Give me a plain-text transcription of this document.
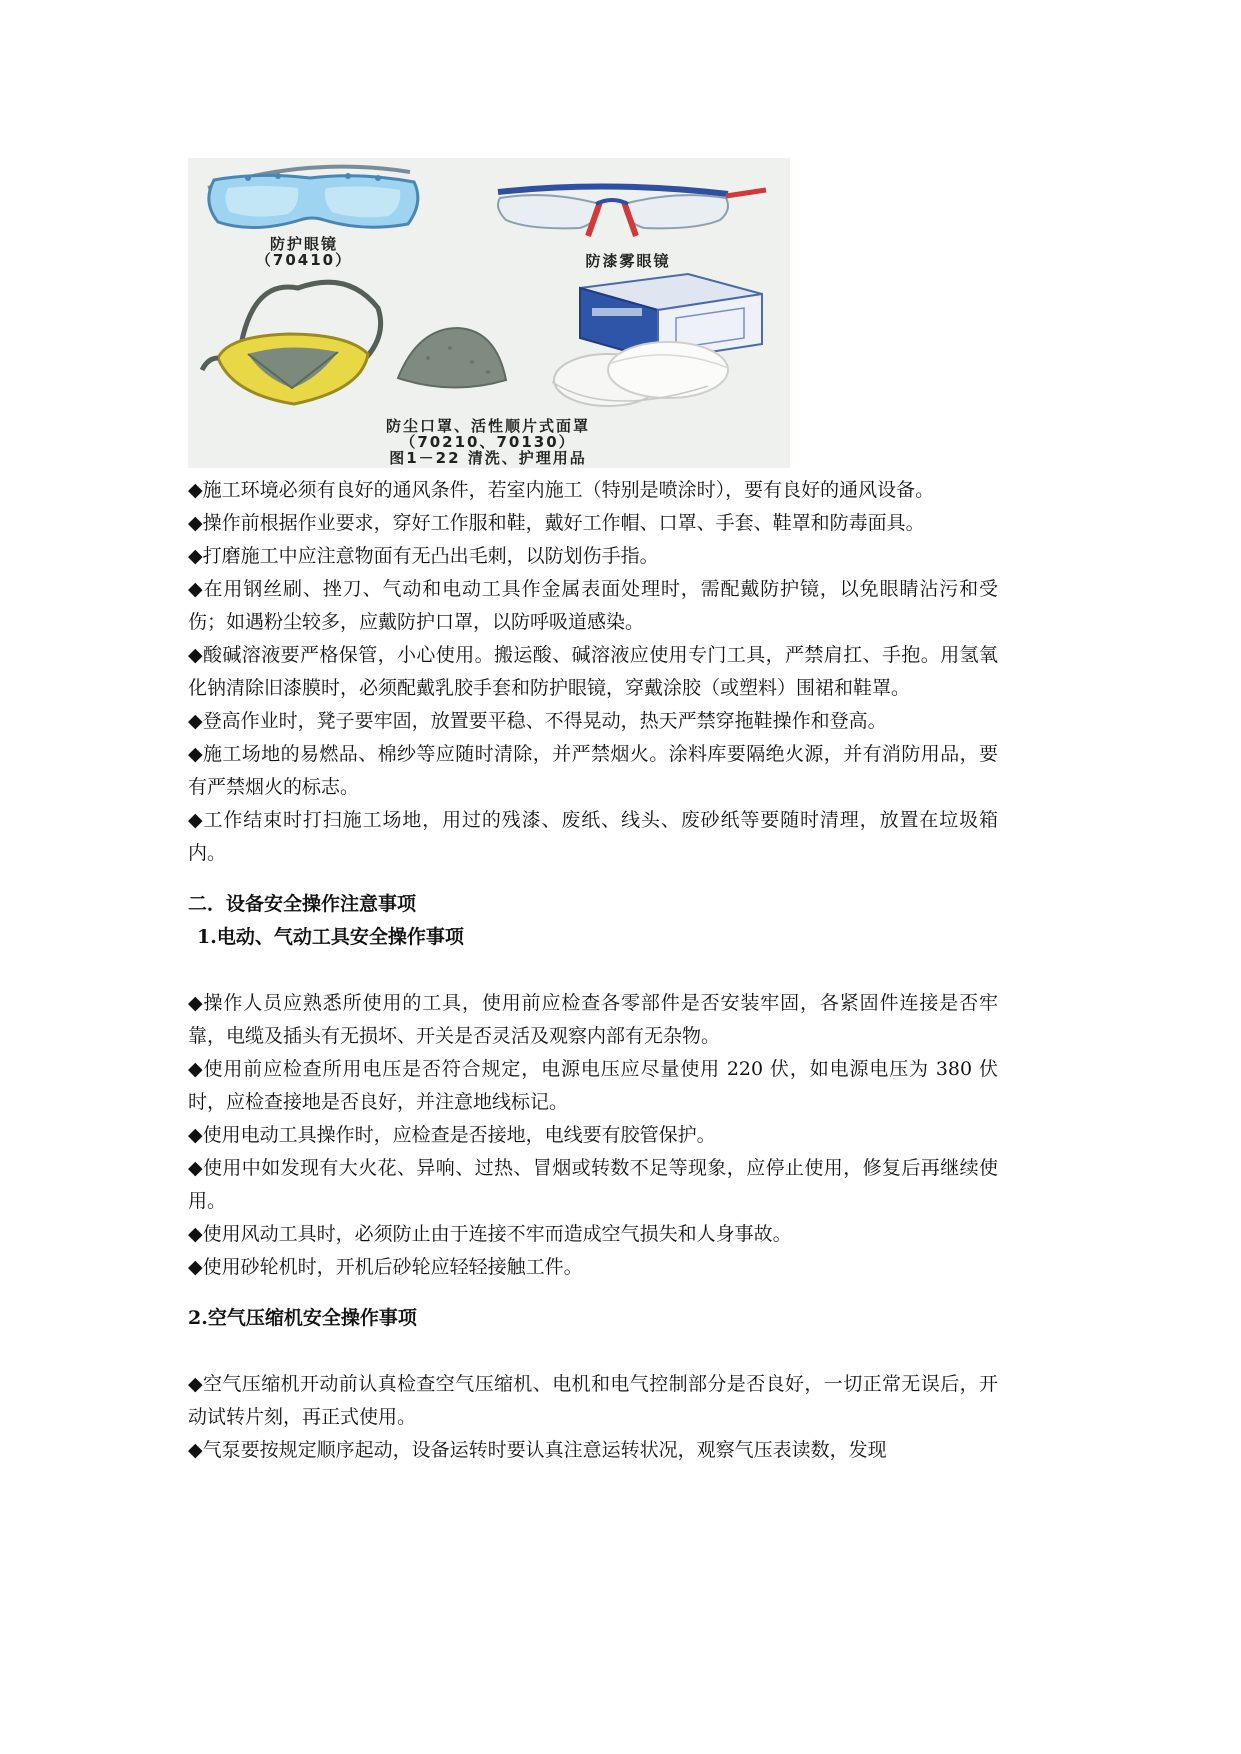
防护眼镜
（70410）	防漆雾眼镜
防尘口罩、活性顺片式面罩
（70210、70130）
图1－22 清洗、护理用品

◆施工环境必须有良好的通风条件，若室内施工（特别是喷涂时），要有良好的通风设备。

◆操作前根据作业要求，穿好工作服和鞋，戴好工作帽、口罩、手套、鞋罩和防毒面具。

◆打磨施工中应注意物面有无凸出毛刺，以防划伤手指。

◆在用钢丝刷、挫刀、气动和电动工具作金属表面处理时，需配戴防护镜，以免眼睛沾污和受伤；如遇粉尘较多，应戴防护口罩，以防呼吸道感染。

◆酸碱溶液要严格保管，小心使用。搬运酸、碱溶液应使用专门工具，严禁肩扛、手抱。用氢氧化钠清除旧漆膜时，必须配戴乳胶手套和防护眼镜，穿戴涂胶（或塑料）围裙和鞋罩。

◆登高作业时，凳子要牢固，放置要平稳、不得晃动，热天严禁穿拖鞋操作和登高。

◆施工场地的易燃品、棉纱等应随时清除，并严禁烟火。涂料库要隔绝火源，并有消防用品，要有严禁烟火的标志。

◆工作结束时打扫施工场地，用过的残漆、废纸、线头、废砂纸等要随时清理，放置在垃圾箱内。

二．设备安全操作注意事项

1.电动、气动工具安全操作事项

◆操作人员应熟悉所使用的工具，使用前应检查各零部件是否安装牢固，各紧固件连接是否牢靠，电缆及插头有无损坏、开关是否灵活及观察内部有无杂物。

◆使用前应检查所用电压是否符合规定，电源电压应尽量使用 220 伏，如电源电压为 380 伏时，应检查接地是否良好，并注意地线标记。

◆使用电动工具操作时，应检查是否接地，电线要有胶管保护。

◆使用中如发现有大火花、异响、过热、冒烟或转数不足等现象，应停止使用，修复后再继续使用。

◆使用风动工具时，必须防止由于连接不牢而造成空气损失和人身事故。

◆使用砂轮机时，开机后砂轮应轻轻接触工件。

2.空气压缩机安全操作事项

◆空气压缩机开动前认真检查空气压缩机、电机和电气控制部分是否良好，一切正常无误后，开动试转片刻，再正式使用。

◆气泵要按规定顺序起动，设备运转时要认真注意运转状况，观察气压表读数，发现
